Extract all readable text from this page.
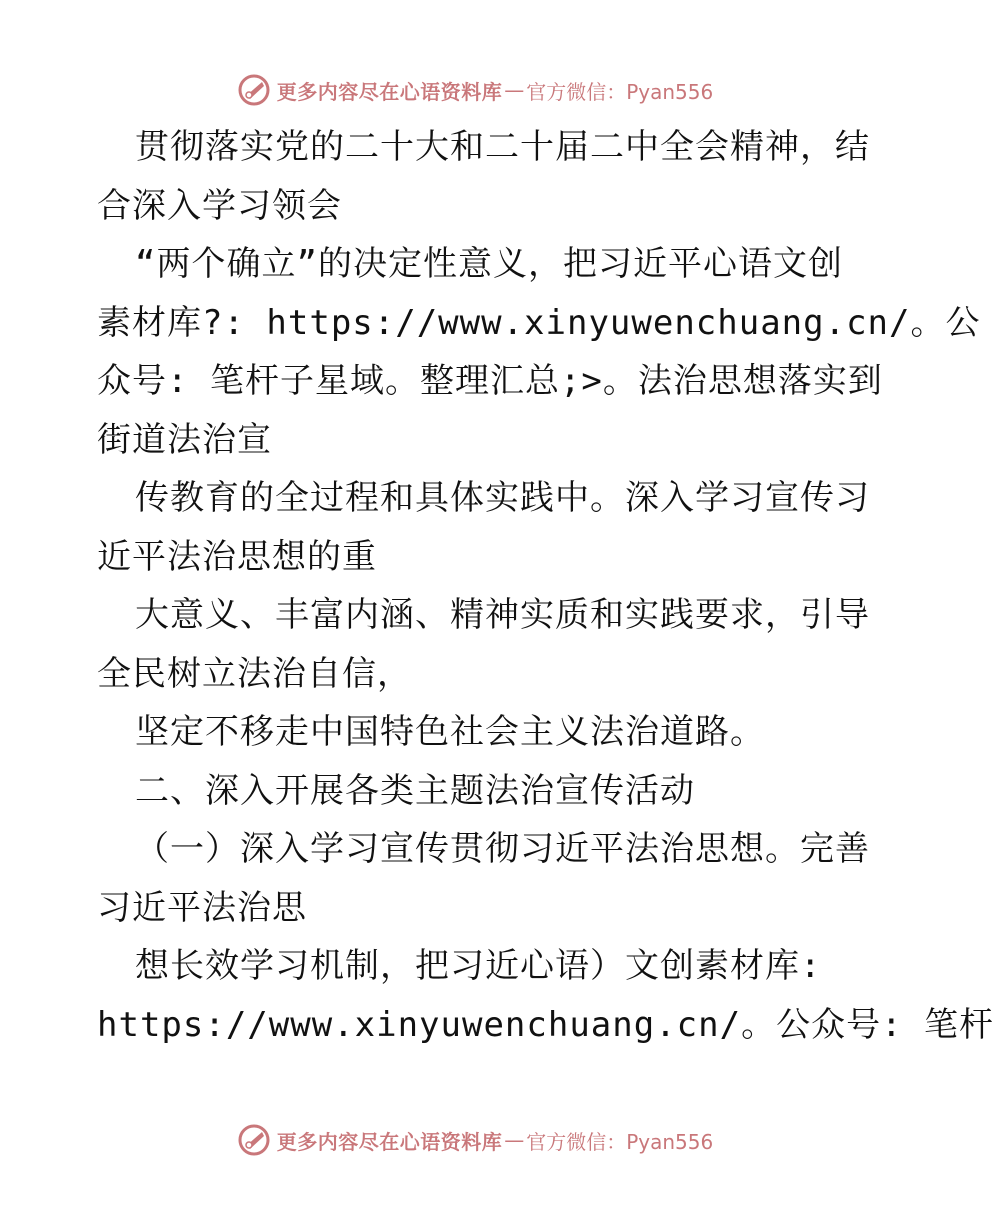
更多内容尽在心语资料库 — 官方微信：Pyan556
贯彻落实党的二十大和二十届二中全会精神，结
合深入学习领会
“两个确立”的决定性意义，把习近平心语文创
素材库?: https://www.xinyuwenchuang.cn/。公
众号: 笔杆子星域。整理汇总;>。法治思想落实到
街道法治宣
传教育的全过程和具体实践中。深入学习宣传习
近平法治思想的重
大意义、丰富内涵、精神实质和实践要求，引导
全民树立法治自信，
坚定不移走中国特色社会主义法治道路。
二、深入开展各类主题法治宣传活动
（一）深入学习宣传贯彻习近平法治思想。完善
习近平法治思
想长效学习机制，把习近心语）文创素材库:
https://www.xinyuwenchuang.cn/。公众号: 笔杆
更多内容尽在心语资料库 — 官方微信：Pyan556
